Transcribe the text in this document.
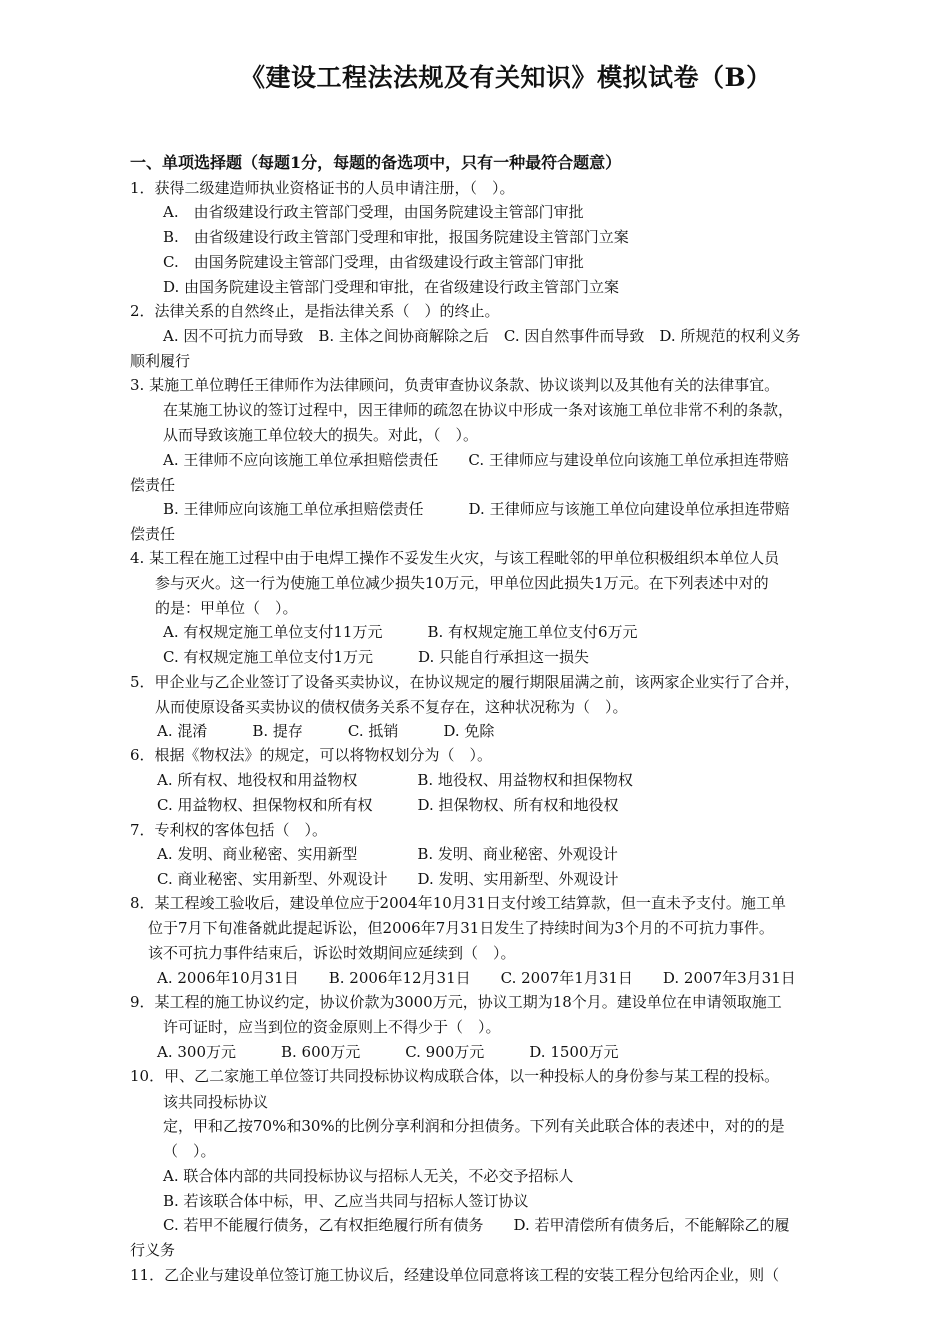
《建设工程法法规及有关知识》模拟试卷（B）
一、单项选择题（每题1分，每题的备选项中，只有一种最符合题意）
1．获得二级建造师执业资格证书的人员申请注册，（　）。
A.　由省级建设行政主管部门受理，由国务院建设主管部门审批
B.　由省级建设行政主管部门受理和审批，报国务院建设主管部门立案
C.　由国务院建设主管部门受理，由省级建设行政主管部门审批
D. 由国务院建设主管部门受理和审批，在省级建设行政主管部门立案
2．法律关系的自然终止，是指法律关系（　）的终止。
A. 因不可抗力而导致　B. 主体之间协商解除之后　C. 因自然事件而导致　D. 所规范的权利义务
顺利履行
3. 某施工单位聘任王律师作为法律顾问，负责审查协议条款、协议谈判以及其他有关的法律事宜。
在某施工协议的签订过程中，因王律师的疏忽在协议中形成一条对该施工单位非常不利的条款，
从而导致该施工单位较大的损失。对此，（　）。
A. 王律师不应向该施工单位承担赔偿责任　　C. 王律师应与建设单位向该施工单位承担连带赔
偿责任
B. 王律师应向该施工单位承担赔偿责任　　　D. 王律师应与该施工单位向建设单位承担连带赔
偿责任
4. 某工程在施工过程中由于电焊工操作不妥发生火灾，与该工程毗邻的甲单位积极组织本单位人员
参与灭火。这一行为使施工单位减少损失10万元，甲单位因此损失1万元。在下列表述中对的
的是：甲单位（　）。
A. 有权规定施工单位支付11万元　　　B. 有权规定施工单位支付6万元
C. 有权规定施工单位支付1万元　　　D. 只能自行承担这一损失
5．甲企业与乙企业签订了设备买卖协议，在协议规定的履行期限届满之前，该两家企业实行了合并，
从而使原设备买卖协议的债权债务关系不复存在，这种状况称为（　）。
A. 混淆　　　B. 提存　　　C. 抵销　　　D. 免除
6．根据《物权法》的规定，可以将物权划分为（　）。
A. 所有权、地役权和用益物权　　　　B. 地役权、用益物权和担保物权
C. 用益物权、担保物权和所有权　　　D. 担保物权、所有权和地役权
7．专利权的客体包括（　）。
A. 发明、商业秘密、实用新型　　　　B. 发明、商业秘密、外观设计
C. 商业秘密、实用新型、外观设计　　D. 发明、实用新型、外观设计
8．某工程竣工验收后，建设单位应于2004年10月31日支付竣工结算款，但一直未予支付。施工单
位于7月下旬准备就此提起诉讼，但2006年7月31日发生了持续时间为3个月的不可抗力事件。
该不可抗力事件结束后，诉讼时效期间应延续到（　）。
A. 2006年10月31日　　B. 2006年12月31日　　C. 2007年1月31日　　D. 2007年3月31日
9．某工程的施工协议约定，协议价款为3000万元，协议工期为18个月。建设单位在申请领取施工
许可证时，应当到位的资金原则上不得少于（　）。
A. 300万元　　　B. 600万元　　　C. 900万元　　　D. 1500万元
10．甲、乙二家施工单位签订共同投标协议构成联合体，以一种投标人的身份参与某工程的投标。
该共同投标协议
定，甲和乙按70%和30%的比例分享利润和分担债务。下列有关此联合体的表述中，对的的是
（　）。
A. 联合体内部的共同投标协议与招标人无关，不必交予招标人
B. 若该联合体中标，甲、乙应当共同与招标人签订协议
C. 若甲不能履行债务，乙有权拒绝履行所有债务　　D. 若甲清偿所有债务后，不能解除乙的履
行义务
11．乙企业与建设单位签订施工协议后，经建设单位同意将该工程的安装工程分包给丙企业，则（
